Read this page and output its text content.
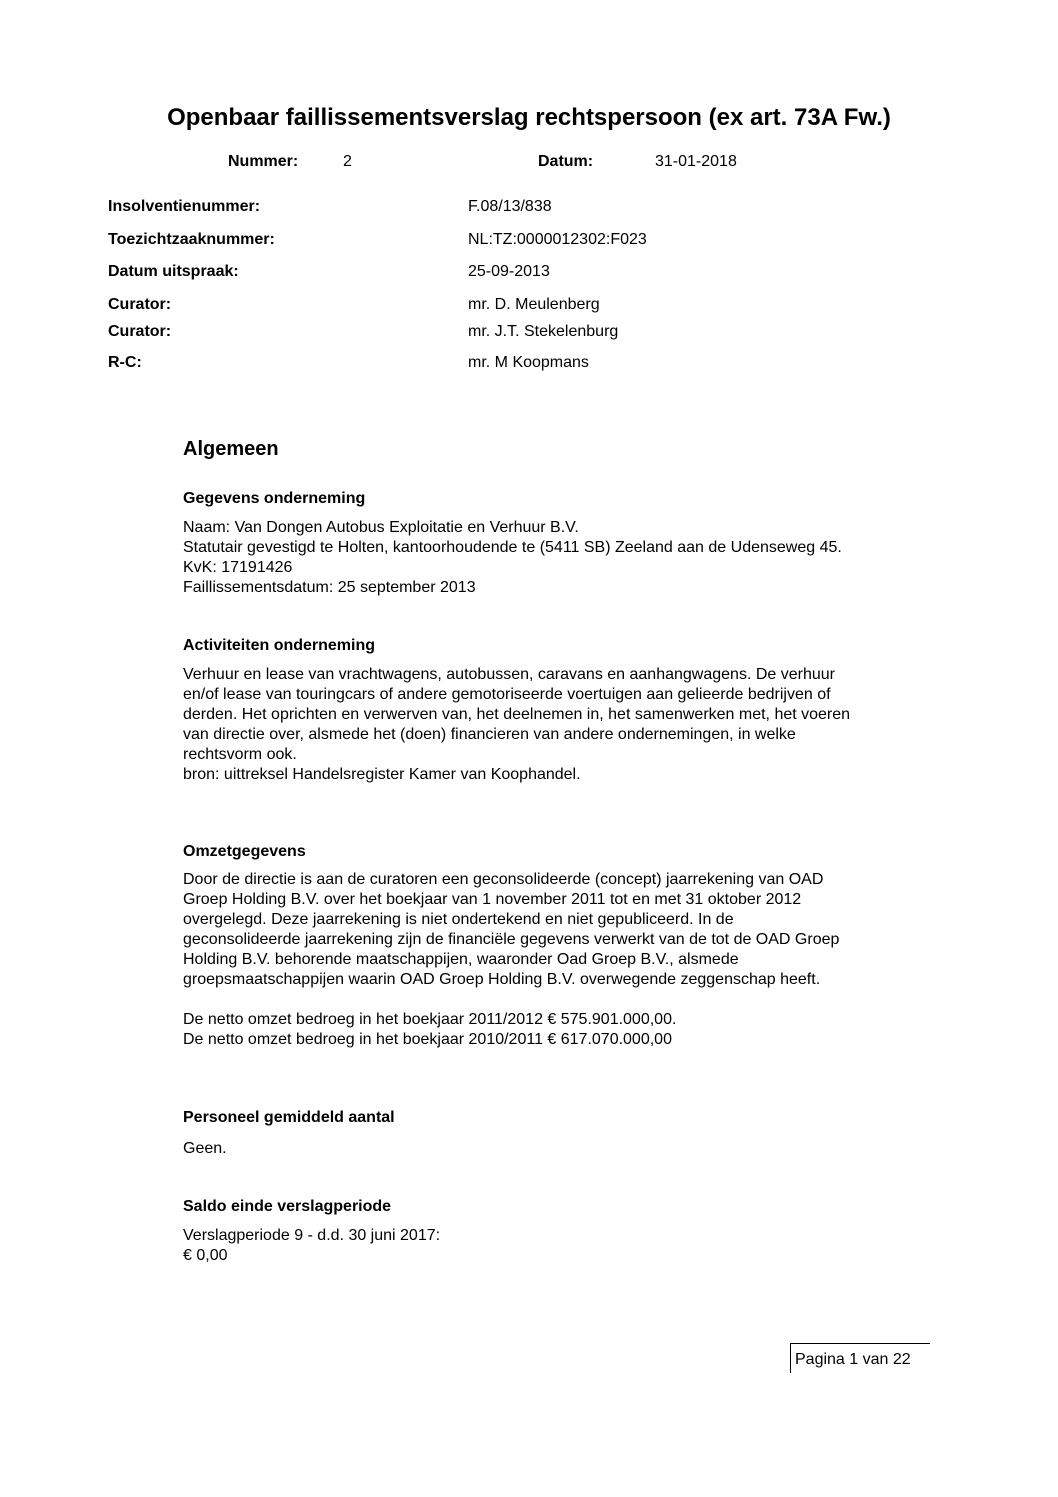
Openbaar faillissementsverslag rechtspersoon (ex art. 73A Fw.)
Nummer:	2	Datum:	31-01-2018
Insolventienummer:	F.08/13/838
Toezichtzaaknummer:	NL:TZ:0000012302:F023
Datum uitspraak:	25-09-2013
Curator:	mr. D. Meulenberg
Curator:	mr. J.T. Stekelenburg
R-C:	mr. M Koopmans
Algemeen
Gegevens onderneming
Naam: Van Dongen Autobus Exploitatie en Verhuur B.V.
Statutair gevestigd te Holten, kantoorhoudende te (5411 SB) Zeeland aan de Udenseweg 45.
KvK: 17191426
Faillissementsdatum: 25 september 2013
Activiteiten onderneming
Verhuur en lease van vrachtwagens, autobussen, caravans en aanhangwagens. De verhuur
en/of lease van touringcars of andere gemotoriseerde voertuigen aan gelieerde bedrijven of
derden. Het oprichten en verwerven van, het deelnemen in, het samenwerken met, het voeren
van directie over, alsmede het (doen) financieren van andere ondernemingen, in welke
rechtsvorm ook.
bron: uittreksel Handelsregister Kamer van Koophandel.
Omzetgegevens
Door de directie is aan de curatoren een geconsolideerde (concept) jaarrekening van OAD
Groep Holding B.V. over het boekjaar van 1 november 2011 tot en met 31 oktober 2012
overgelegd. Deze jaarrekening is niet ondertekend en niet gepubliceerd. In de
geconsolideerde jaarrekening zijn de financiële gegevens verwerkt van de tot de OAD Groep
Holding B.V. behorende maatschappijen, waaronder Oad Groep B.V., alsmede
groepsmaatschappijen waarin OAD Groep Holding B.V. overwegende zeggenschap heeft.
De netto omzet bedroeg in het boekjaar 2011/2012 € 575.901.000,00.
De netto omzet bedroeg in het boekjaar 2010/2011 € 617.070.000,00
Personeel gemiddeld aantal
Geen.
Saldo einde verslagperiode
Verslagperiode 9 - d.d. 30 juni 2017:
€ 0,00
Pagina 1 van 22
